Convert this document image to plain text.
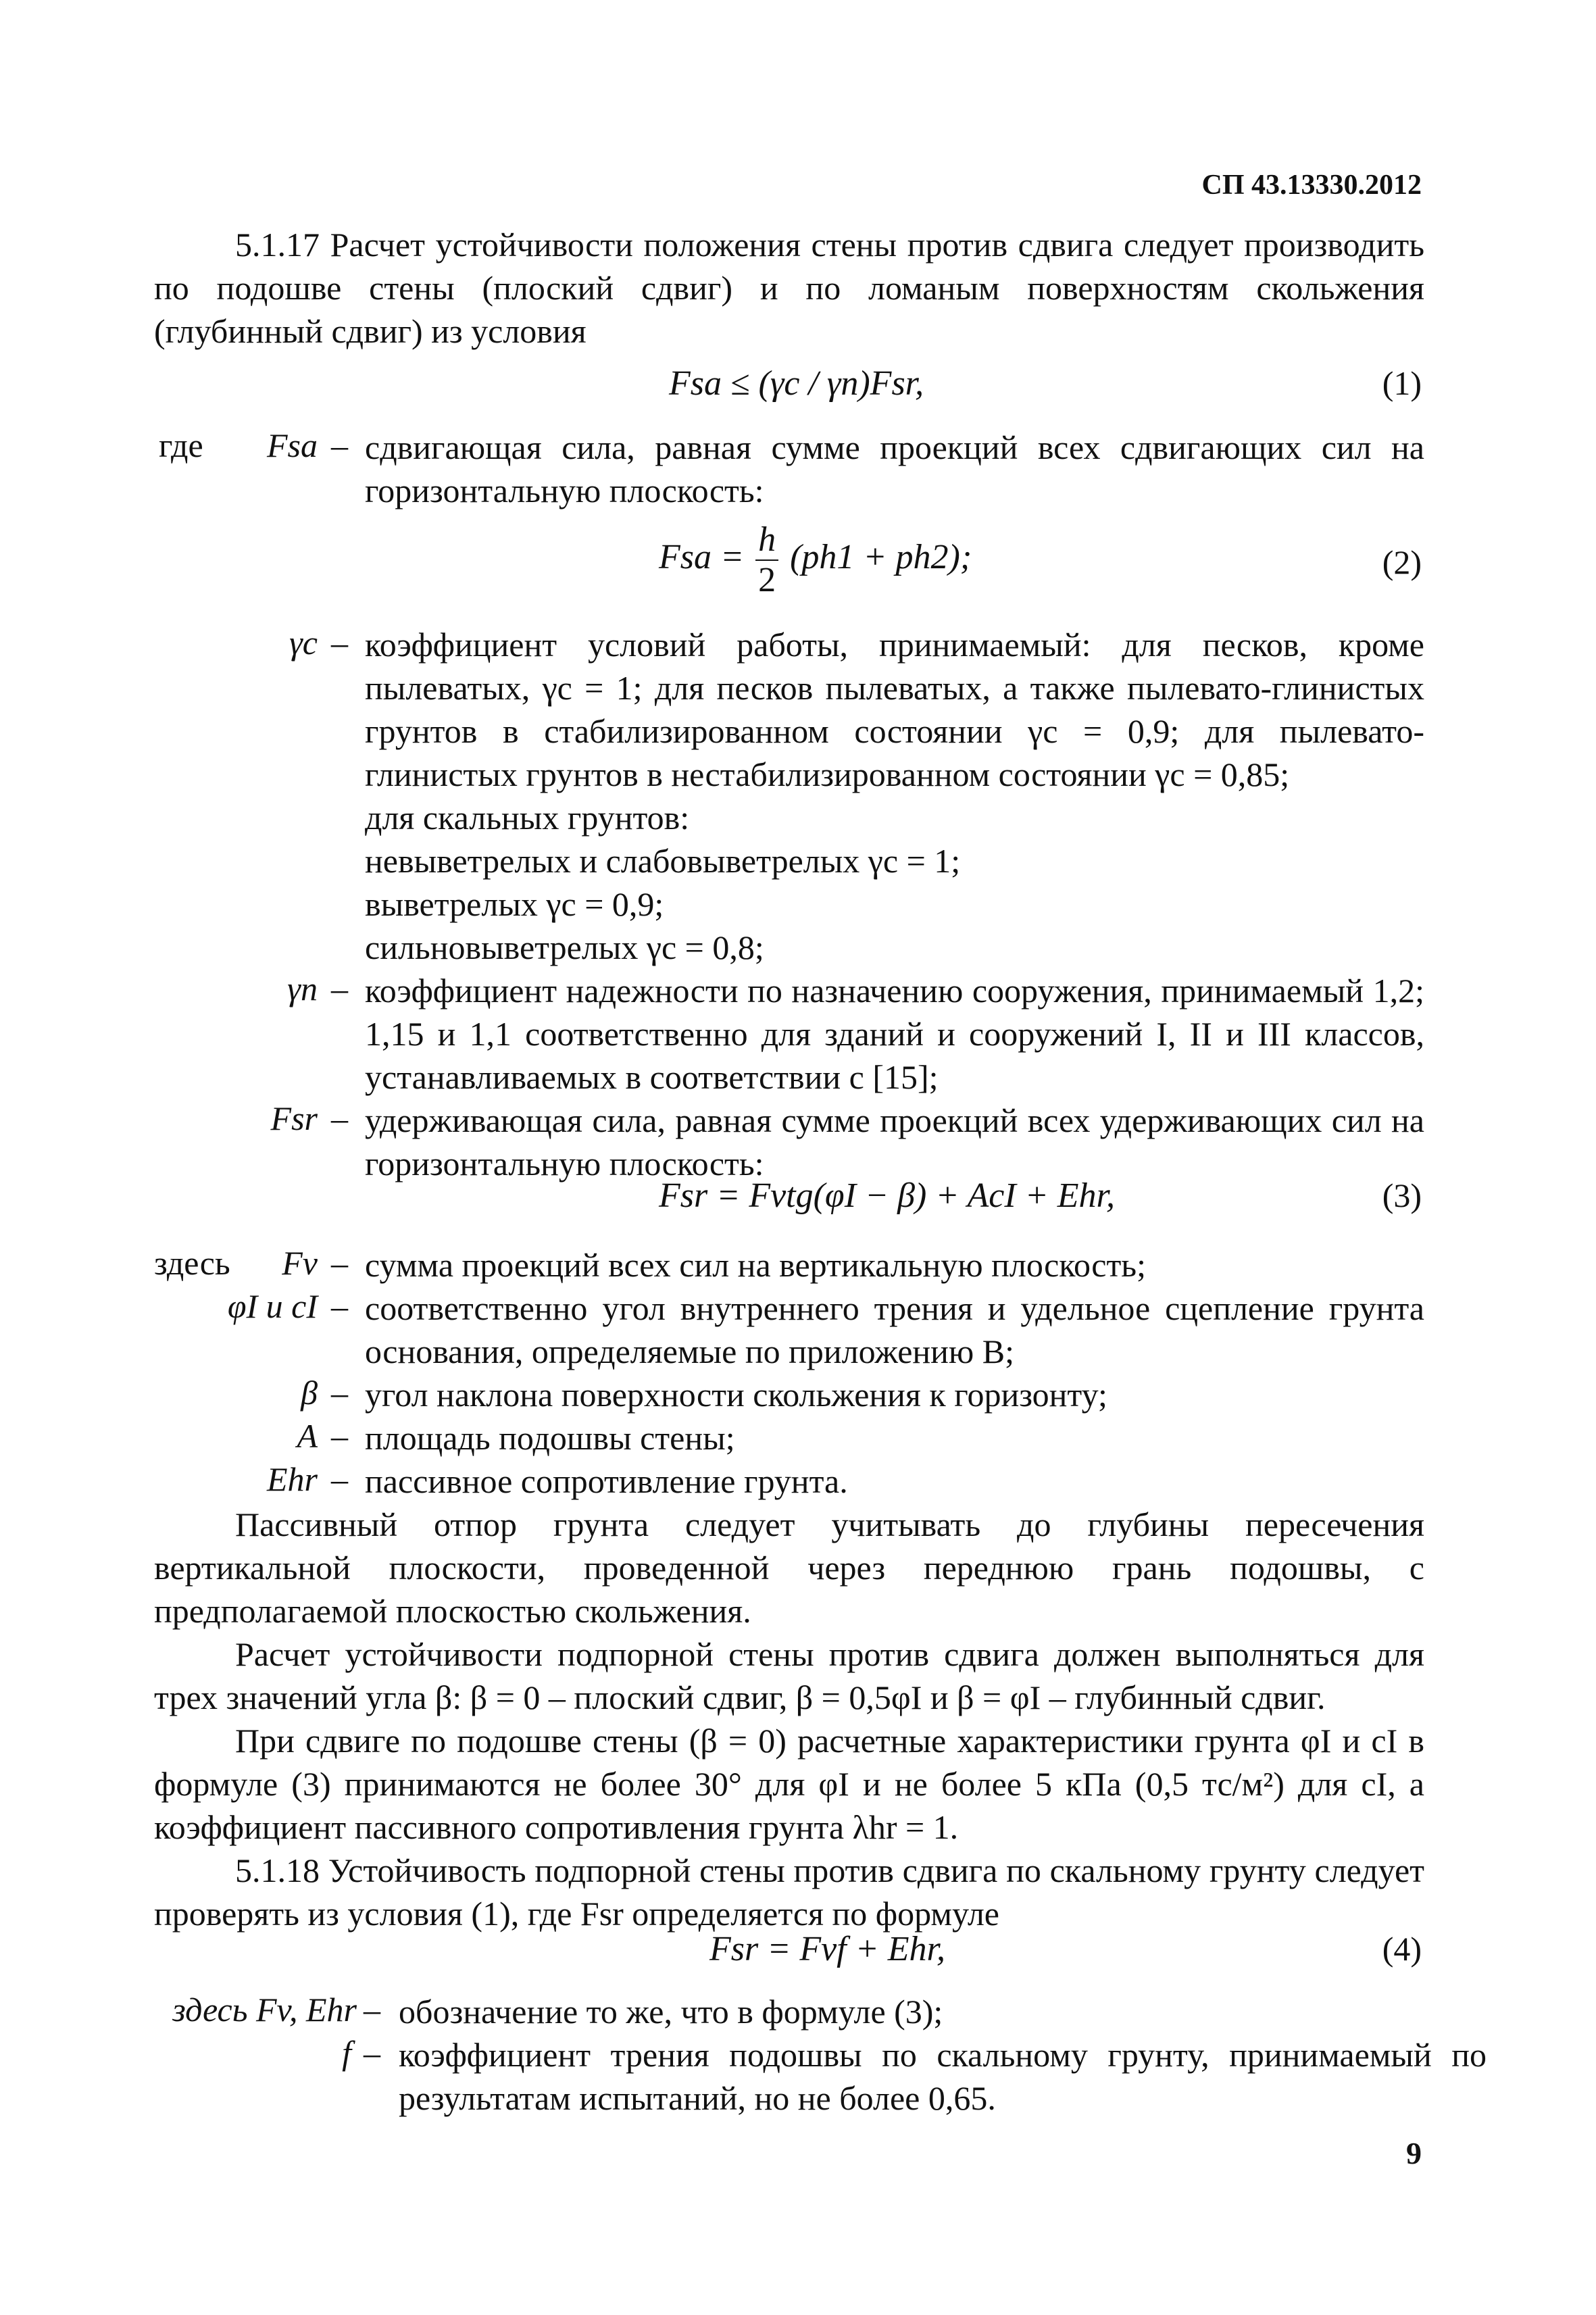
СП 43.13330.2012
5.1.17 Расчет устойчивости положения стены против сдвига следует производить по подошве стены (плоский сдвиг) и по ломаным поверхностям скольжения (глубинный сдвиг) из условия
Fsa ≤ (γc / γn)Fsr,	(1)
где	Fsa – сдвигающая сила, равная сумме проекций всех сдвигающих сил на горизонтальную плоскость:
Fsa = $\frac{h}{2} (ph1 + ph2)$;	(2)
γc – коэффициент условий работы, принимаемый: для песков, кроме пылеватых, γc = 1; для песков пылеватых, а также пылевато-глинистых грунтов в стабилизированном состоянии γc = 0,9; для пылевато-глинистых грунтов в нестабилизированном состоянии γc = 0,85;
для скальных грунтов:
невыветрелых и слабовыветрелых γc = 1;
выветрелых γc = 0,9;
сильновыветрелых γc = 0,8;
γn – коэффициент надежности по назначению сооружения, принимаемый 1,2; 1,15 и 1,1 соответственно для зданий и сооружений I, II и III классов, устанавливаемых в соответствии с [15];
Fsr – удерживающая сила, равная сумме проекций всех удерживающих сил на горизонтальную плоскость:
Fsr = Fvtg(φI − β) + AcI + Ehr,	(3)
здесь	Fv – сумма проекций всех сил на вертикальную плоскость;
φI и cI – соответственно угол внутреннего трения и удельное сцепление грунта основания, определяемые по приложению В;
β – угол наклона поверхности скольжения к горизонту;
A – площадь подошвы стены;
Ehr – пассивное сопротивление грунта.
Пассивный отпор грунта следует учитывать до глубины пересечения вертикальной плоскости, проведенной через переднюю грань подошвы, с предполагаемой плоскостью скольжения.
Расчет устойчивости подпорной стены против сдвига должен выполняться для трех значений угла β: β = 0 – плоский сдвиг, β = 0,5φI и β = φI – глубинный сдвиг.
При сдвиге по подошве стены (β = 0) расчетные характеристики грунта φI и cI в формуле (3) принимаются не более 30° для φI и не более 5 кПа (0,5 тс/м²) для cI, а коэффициент пассивного сопротивления грунта λhr = 1.
5.1.18 Устойчивость подпорной стены против сдвига по скальному грунту следует проверять из условия (1), где Fsr определяется по формуле
Fsr = Fvf + Ehr,	(4)
здесь Fv, Ehr – обозначение то же, что в формуле (3);
f – коэффициент трения подошвы по скальному грунту, принимаемый по результатам испытаний, но не более 0,65.
9
